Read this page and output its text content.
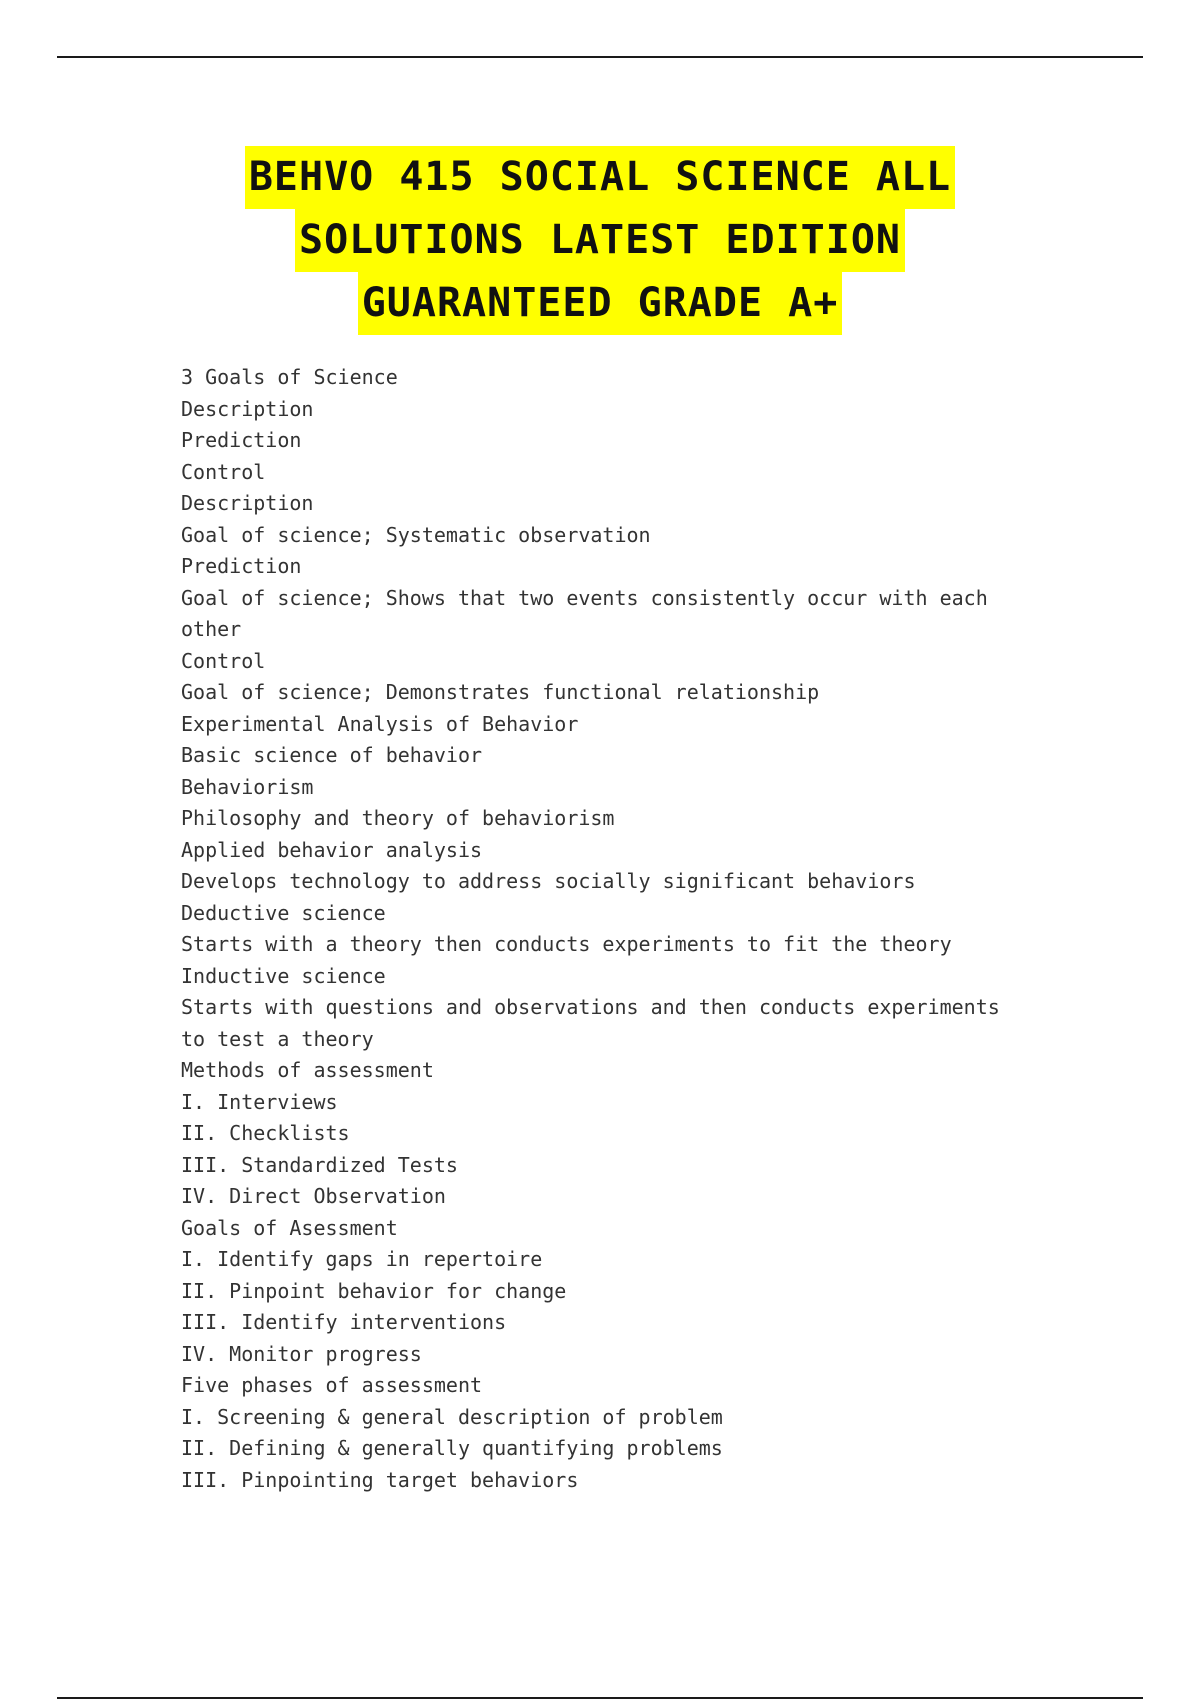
BEHVO 415 SOCIAL SCIENCE ALL
SOLUTIONS LATEST EDITION
GUARANTEED GRADE A+
3 Goals of Science
Description
Prediction
Control
Description
Goal of science; Systematic observation
Prediction
Goal of science; Shows that two events consistently occur with each
other
Control
Goal of science; Demonstrates functional relationship
Experimental Analysis of Behavior
Basic science of behavior
Behaviorism
Philosophy and theory of behaviorism
Applied behavior analysis
Develops technology to address socially significant behaviors
Deductive science
Starts with a theory then conducts experiments to fit the theory
Inductive science
Starts with questions and observations and then conducts experiments
to test a theory
Methods of assessment
I. Interviews
II. Checklists
III. Standardized Tests
IV. Direct Observation
Goals of Asessment
I. Identify gaps in repertoire
II. Pinpoint behavior for change
III. Identify interventions
IV. Monitor progress
Five phases of assessment
I. Screening & general description of problem
II. Defining & generally quantifying problems
III. Pinpointing target behaviors
